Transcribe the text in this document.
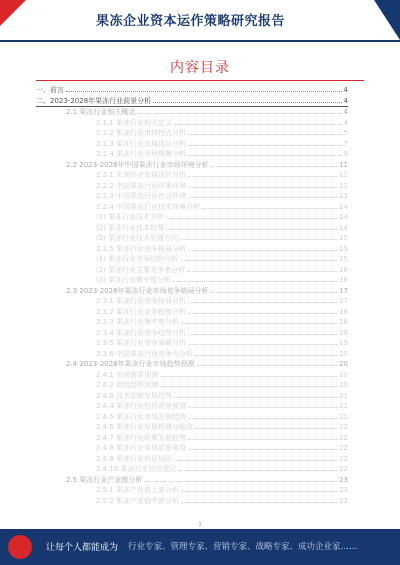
果冻企业资本运作策略研究报告
内容目录
一、前言	4
二、2023-2028年果冻行业前景分析	4
2.1 果冻行业相关概述	4
2.1.1 果冻行业相关定义	4
2.1.2 果冻行业市场特点分析	5
2.1.3 果冻行业发展现状分析	7
2.1.4 果冻行业市场规模分析	9
2.2 2023-2028年中国果冻行业市场环境分析	11
2.2.1 宏观经济发展现状分析	11
2.2.2 中国果冻行业政策环境	11
2.2.3 中国果冻行业社会环境	13
2.2.4 中国果冻行业技术环境分析	14
(1) 果冻行业技术分析	14
(2) 果冻行业技术趋势	14
(3) 果冻行业技术发展方向	15
2.2.5 果冻行业竞争格局分析	15
(1) 果冻行业竞争结构分析	15
(2) 果冻行业主要竞争者分析	16
(3) 果冻行业集中度分析	16
2.3 2023-2028年果冻行业市场竞争格局分析	17
2.3.1 果冻行业竞争格局分析	17
2.3.2 果冻行业竞争程度分析	18
2.3.3 果冻行业集中度分析	18
2.3.4 果冻行业竞争趋势分析	19
2.3.5 果冻行业竞争策略分析	19
2.3.6 中国果冻行业竞争力分析	20
2.4 2023-2028年果冻行业市场趋势预测	20
2.4.1 市场需求预测	20
2.4.2 供给趋势预测	20
2.4.3 技术创新发展趋势	21
2.4.4 果冻行业投资前景预测	21
2.4.5 果冻行业市场发展趋势	21
2.4.6 果冻行业发展机遇与挑战	22
2.4.7 果冻行业政策发展趋势	22
2.4.8 果冻行业市场前景展望	22
2.4.9 果冻行业投资风险	22
2.4.10 果冻行业投资建议	22
2.5 果冻行业产业链分析	23
2.5.1 果冻产业链上游分析	23
2.5.2 果冻产业链中游分析	23
1
让每个人都能成为 行业专家、管理专家、营销专家、战略专家、成功企业家……
